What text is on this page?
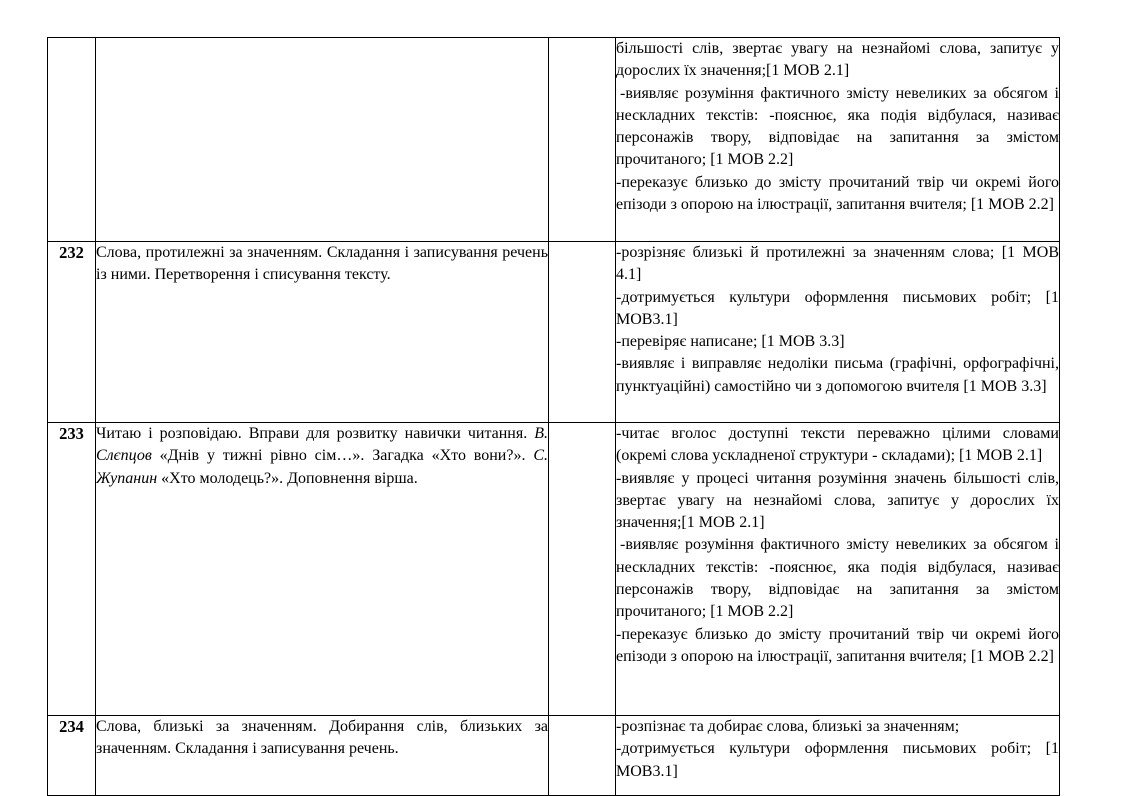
			більшості слів, звертає увагу на незнайомі слова, запитує у дорослих їх значення;[1 МОВ 2.1]

-виявляє розуміння фактичного змісту невеликих за обсягом і нескладних текстів: -пояснює, яка подія відбулася, називає персонажів твору, відповідає на запитання за змістом прочитаного; [1 МОВ 2.2]

-переказує близько до змісту прочитаний твір чи окремі його епізоди з опорою на ілюстрації, запитання вчителя; [1 МОВ 2.2]

232	Слова, протилежні за значенням. Складання і записування речень із ними. Перетворення і списування тексту.		-розрізняє близькі й протилежні за значенням слова; [1 МОВ 4.1]

-дотримується культури оформлення письмових робіт; [1 МОВ3.1]

-перевіряє написане; [1 МОВ 3.3]

-виявляє і виправляє недоліки письма (графічні, орфографічні, пунктуаційні) самостійно чи з допомогою вчителя [1 МОВ 3.3]

233	Читаю і розповідаю. Вправи для розвитку навички читання. В. Слєпцов «Днів у тижні рівно сім…». Загадка «Хто вони?». С. Жупанин «Хто молодець?». Доповнення вірша.		-читає вголос доступні тексти переважно цілими словами (окремі слова ускладненої структури - складами); [1 МОВ 2.1]

-виявляє у процесі читання розуміння значень більшості слів, звертає увагу на незнайомі слова, запитує у дорослих їх значення;[1 МОВ 2.1]

-виявляє розуміння фактичного змісту невеликих за обсягом і нескладних текстів: -пояснює, яка подія відбулася, називає персонажів твору, відповідає на запитання за змістом прочитаного; [1 МОВ 2.2]

-переказує близько до змісту прочитаний твір чи окремі його епізоди з опорою на ілюстрації, запитання вчителя; [1 МОВ 2.2]

234	Слова, близькі за значенням. Добирання слів, близьких за значенням. Складання і записування речень.		-розпізнає та добирає слова, близькі за значенням;

-дотримується культури оформлення письмових робіт; [1 МОВ3.1]
